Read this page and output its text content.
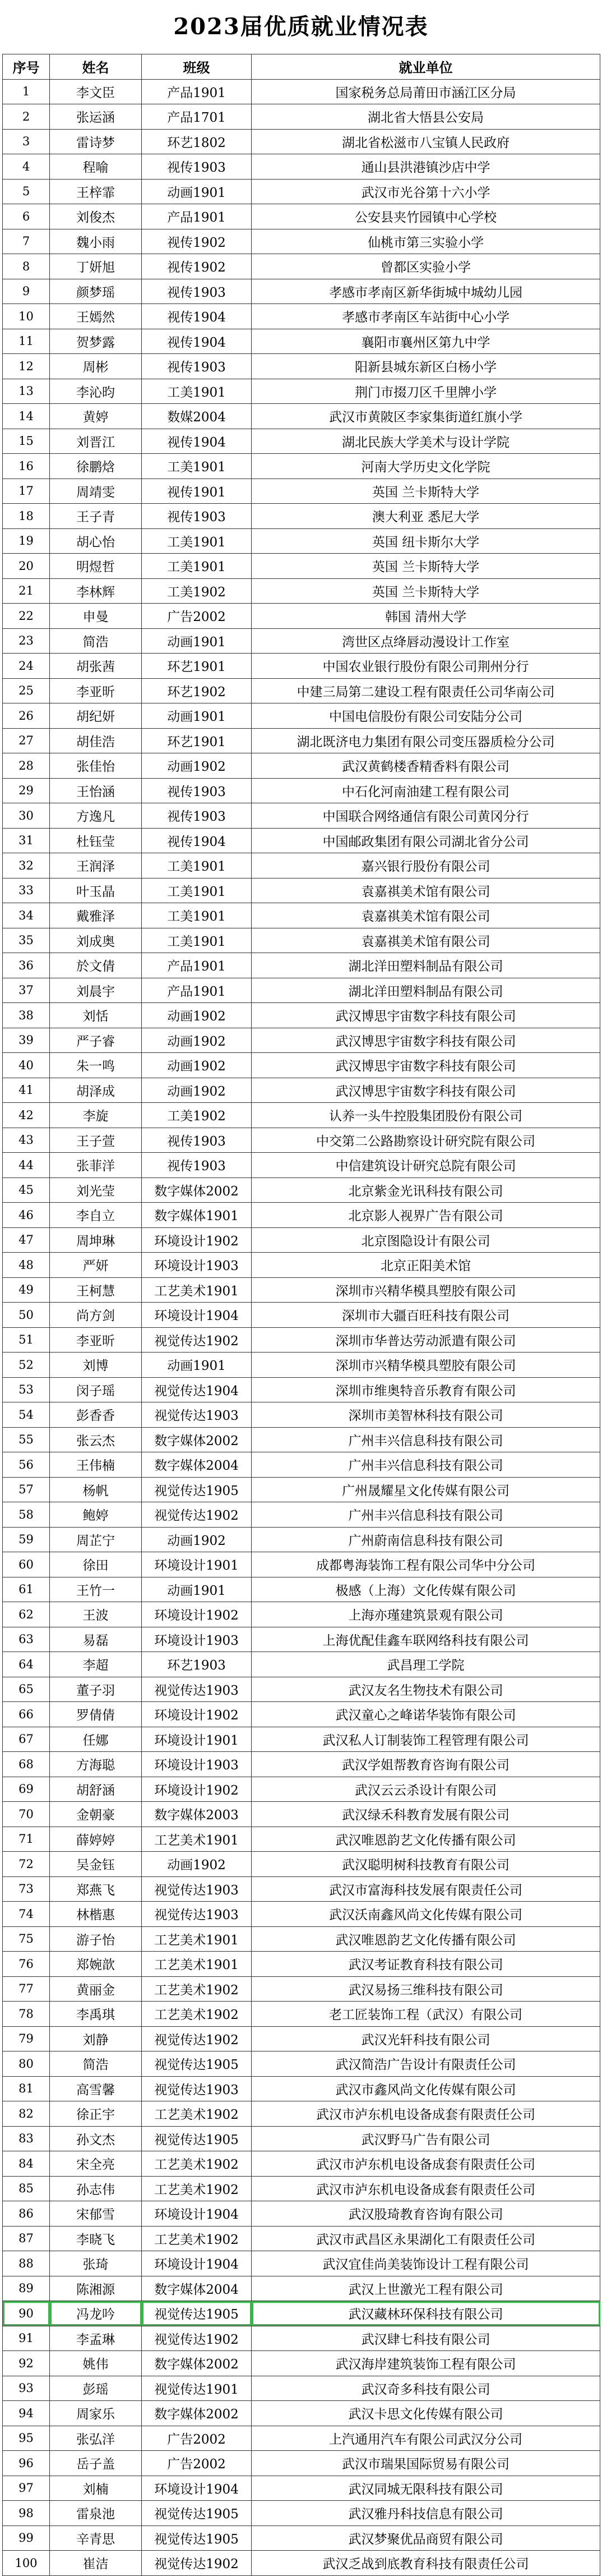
2023届优质就业情况表
序号	姓名	班级	就业单位
1	李文臣	产品1901	国家税务总局莆田市涵江区分局
2	张运涵	产品1701	湖北省大悟县公安局
3	雷诗梦	环艺1802	湖北省松滋市八宝镇人民政府
4	程喻	视传1903	通山县洪港镇沙店中学
5	王梓霏	动画1901	武汉市光谷第十六小学
6	刘俊杰	产品1901	公安县夹竹园镇中心学校
7	魏小雨	视传1902	仙桃市第三实验小学
8	丁妍旭	视传1902	曾都区实验小学
9	颜梦瑶	视传1903	孝感市孝南区新华街城中城幼儿园
10	王嫣然	视传1904	孝感市孝南区车站街中心小学
11	贺梦露	视传1904	襄阳市襄州区第九中学
12	周彬	视传1903	阳新县城东新区白杨小学
13	李沁昀	工美1901	荆门市掇刀区千里牌小学
14	黄婷	数媒2004	武汉市黄陂区李家集街道红旗小学
15	刘晋江	视传1904	湖北民族大学美术与设计学院
16	徐鹏焓	工美1901	河南大学历史文化学院
17	周靖雯	视传1901	英国 兰卡斯特大学
18	王子青	视传1903	澳大利亚 悉尼大学
19	胡心怡	工美1901	英国 纽卡斯尔大学
20	明煜哲	工美1901	英国 兰卡斯特大学
21	李林辉	工美1902	英国 兰卡斯特大学
22	申曼	广告2002	韩国 清州大学
23	简浩	动画1901	湾世区点绛唇动漫设计工作室
24	胡张茜	环艺1901	中国农业银行股份有限公司荆州分行
25	李亚昕	环艺1902	中建三局第二建设工程有限责任公司华南公司
26	胡纪妍	动画1901	中国电信股份有限公司安陆分公司
27	胡佳浩	环艺1901	湖北既济电力集团有限公司变压器质检分公司
28	张佳怡	动画1902	武汉黄鹤楼香精香料有限公司
29	王怡涵	视传1903	中石化河南油建工程有限公司
30	方逸凡	视传1903	中国联合网络通信有限公司黄冈分行
31	杜钰莹	视传1904	中国邮政集团有限公司湖北省分公司
32	王润泽	工美1901	嘉兴银行股份有限公司
33	叶玉晶	工美1901	袁嘉祺美术馆有限公司
34	戴雅泽	工美1901	袁嘉祺美术馆有限公司
35	刘成奥	工美1901	袁嘉祺美术馆有限公司
36	於文倩	产品1901	湖北洋田塑料制品有限公司
37	刘晨宇	产品1901	湖北洋田塑料制品有限公司
38	刘恬	动画1902	武汉博思宇宙数字科技有限公司
39	严子睿	动画1902	武汉博思宇宙数字科技有限公司
40	朱一鸣	动画1902	武汉博思宇宙数字科技有限公司
41	胡泽成	动画1902	武汉博思宇宙数字科技有限公司
42	李旋	工美1902	认养一头牛控股集团股份有限公司
43	王子萱	视传1903	中交第二公路勘察设计研究院有限公司
44	张菲洋	视传1903	中信建筑设计研究总院有限公司
45	刘光莹	数字媒体2002	北京紫金光讯科技有限公司
46	李自立	数字媒体1901	北京影人视界广告有限公司
47	周坤琳	环境设计1902	北京图隐设计有限公司
48	严妍	环境设计1903	北京正阳美术馆
49	王柯慧	工艺美术1901	深圳市兴精华模具塑胶有限公司
50	尚方剑	环境设计1904	深圳市大疆百旺科技有限公司
51	李亚昕	视觉传达1902	深圳市华普达劳动派遣有限公司
52	刘博	动画1901	深圳市兴精华模具塑胶有限公司
53	闵子瑶	视觉传达1904	深圳市维奥特音乐教育有限公司
54	彭香香	视觉传达1903	深圳市美智林科技有限公司
55	张云杰	数字媒体2002	广州丰兴信息科技有限公司
56	王伟楠	数字媒体2004	广州丰兴信息科技有限公司
57	杨帆	视觉传达1905	广州晟耀星文化传媒有限公司
58	鲍婷	视觉传达1902	广州丰兴信息科技有限公司
59	周芷宁	动画1902	广州蔚南信息科技有限公司
60	徐田	环境设计1901	成都粤海装饰工程有限公司华中分公司
61	王竹一	动画1901	极感（上海）文化传媒有限公司
62	王波	环境设计1902	上海亦瑾建筑景观有限公司
63	易磊	环境设计1903	上海优配佳鑫车联网络科技有限公司
64	李超	环艺1903	武昌理工学院
65	董子羽	视觉传达1903	武汉友名生物技术有限公司
66	罗倩倩	环境设计1902	武汉童心之峰诺华装饰有限公司
67	任娜	环境设计1901	武汉私人订制装饰工程管理有限公司
68	方海聪	环境设计1903	武汉学姐帮教育咨询有限公司
69	胡舒涵	环境设计1902	武汉云云杀设计有限公司
70	金朝豪	数字媒体2003	武汉绿禾科教育发展有限公司
71	薛婷婷	工艺美术1901	武汉唯恩韵艺文化传播有限公司
72	吴金钰	动画1902	武汉聪明树科技教育有限公司
73	郑燕飞	视觉传达1903	武汉市富海科技发展有限责任公司
74	林楷惠	视觉传达1903	武汉沃南鑫风尚文化传媒有限公司
75	游子怡	工艺美术1901	武汉唯恩韵艺文化传播有限公司
76	郑婉歆	工艺美术1901	武汉考证教育科技有限公司
77	黄丽金	工艺美术1902	武汉易扬三维科技有限公司
78	李禹琪	工艺美术1902	老工匠装饰工程（武汉）有限公司
79	刘静	视觉传达1902	武汉光轩科技有限公司
80	简浩	视觉传达1905	武汉简浩广告设计有限责任公司
81	高雪馨	视觉传达1903	武汉市鑫风尚文化传媒有限公司
82	徐正宇	工艺美术1902	武汉市泸东机电设备成套有限责任公司
83	孙文杰	视觉传达1905	武汉野马广告有限公司
84	宋全亮	工艺美术1902	武汉市泸东机电设备成套有限责任公司
85	孙志伟	工艺美术1902	武汉市泸东机电设备成套有限责任公司
86	宋郁雪	环境设计1904	武汉股琦教育咨询有限公司
87	李晓飞	工艺美术1902	武汉市武昌区永果湖化工有限责任公司
88	张琦	环境设计1904	武汉宜佳尚美装饰设计工程有限公司
89	陈湘源	数字媒体2004	武汉上世激光工程有限公司
90	冯龙吟	视觉传达1905	武汉藏林环保科技有限公司
91	李孟琳	视觉传达1902	武汉肆七科技有限公司
92	姚伟	数字媒体2002	武汉海岸建筑装饰工程有限公司
93	彭瑶	视觉传达1901	武汉奇多科技有限公司
94	周家乐	数字媒体2002	武汉卡思文化传媒有限公司
95	张弘洋	广告2002	上汽通用汽车有限公司武汉分公司
96	岳子盖	广告2002	武汉市瑞果国际贸易有限公司
97	刘楠	环境设计1904	武汉同城无限科技有限公司
98	雷泉池	视觉传达1905	武汉雅丹科技信息有限公司
99	辛青思	视觉传达1905	武汉梦聚优品商贸有限公司
100	崔洁	视觉传达1902	武汉乏战到底教育科技有限责任公司
